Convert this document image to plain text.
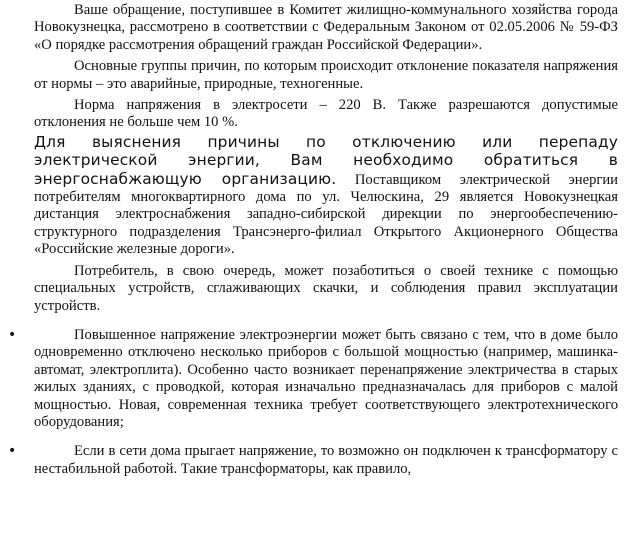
Ваше обращение, поступившее в Комитет жилищно-коммунального хозяйства города Новокузнецка, рассмотрено в соответствии с Федеральным Законом от 02.05.2006 № 59-ФЗ «О порядке рассмотрения обращений граждан Российской Федерации».

Основные группы причин, по которым происходит отклонение показателя напряжения от нормы – это аварийные, природные, техногенные.

Норма напряжения в электросети – 220 В. Также разрешаются допустимые отклонения не больше чем 10 %.

Для выяснения причины по отключению или перепаду электрической энергии, Вам необходимо обратиться в энергоснабжающую организацию. Поставщиком электрической энергии потребителям многоквартирного дома по ул. Челюскина, 29 является Новокузнецкая дистанция электроснабжения западно-сибирской дирекции по энергообеспечению-структурного подразделения Трансэнерго-филиал Открытого Акционерного Общества «Российские железные дороги».

Потребитель, в свою очередь, может позаботиться о своей технике с помощью специальных устройств, сглаживающих скачки, и соблюдения правил эксплуатации устройств.

•	Повышенное напряжение электроэнергии может быть связано с тем, что в доме было одновременно отключено несколько приборов с большой мощностью (например, машинка-автомат, электроплита). Особенно часто возникает перенапряжение электричества в старых жилых зданиях, с проводкой, которая изначально предназначалась для приборов с малой мощностью. Новая, современная техника требует соответствующего электротехнического оборудования;

•	Если в сети дома прыгает напряжение, то возможно он подключен к трансформатору с нестабильной работой. Такие трансформаторы, как правило,
